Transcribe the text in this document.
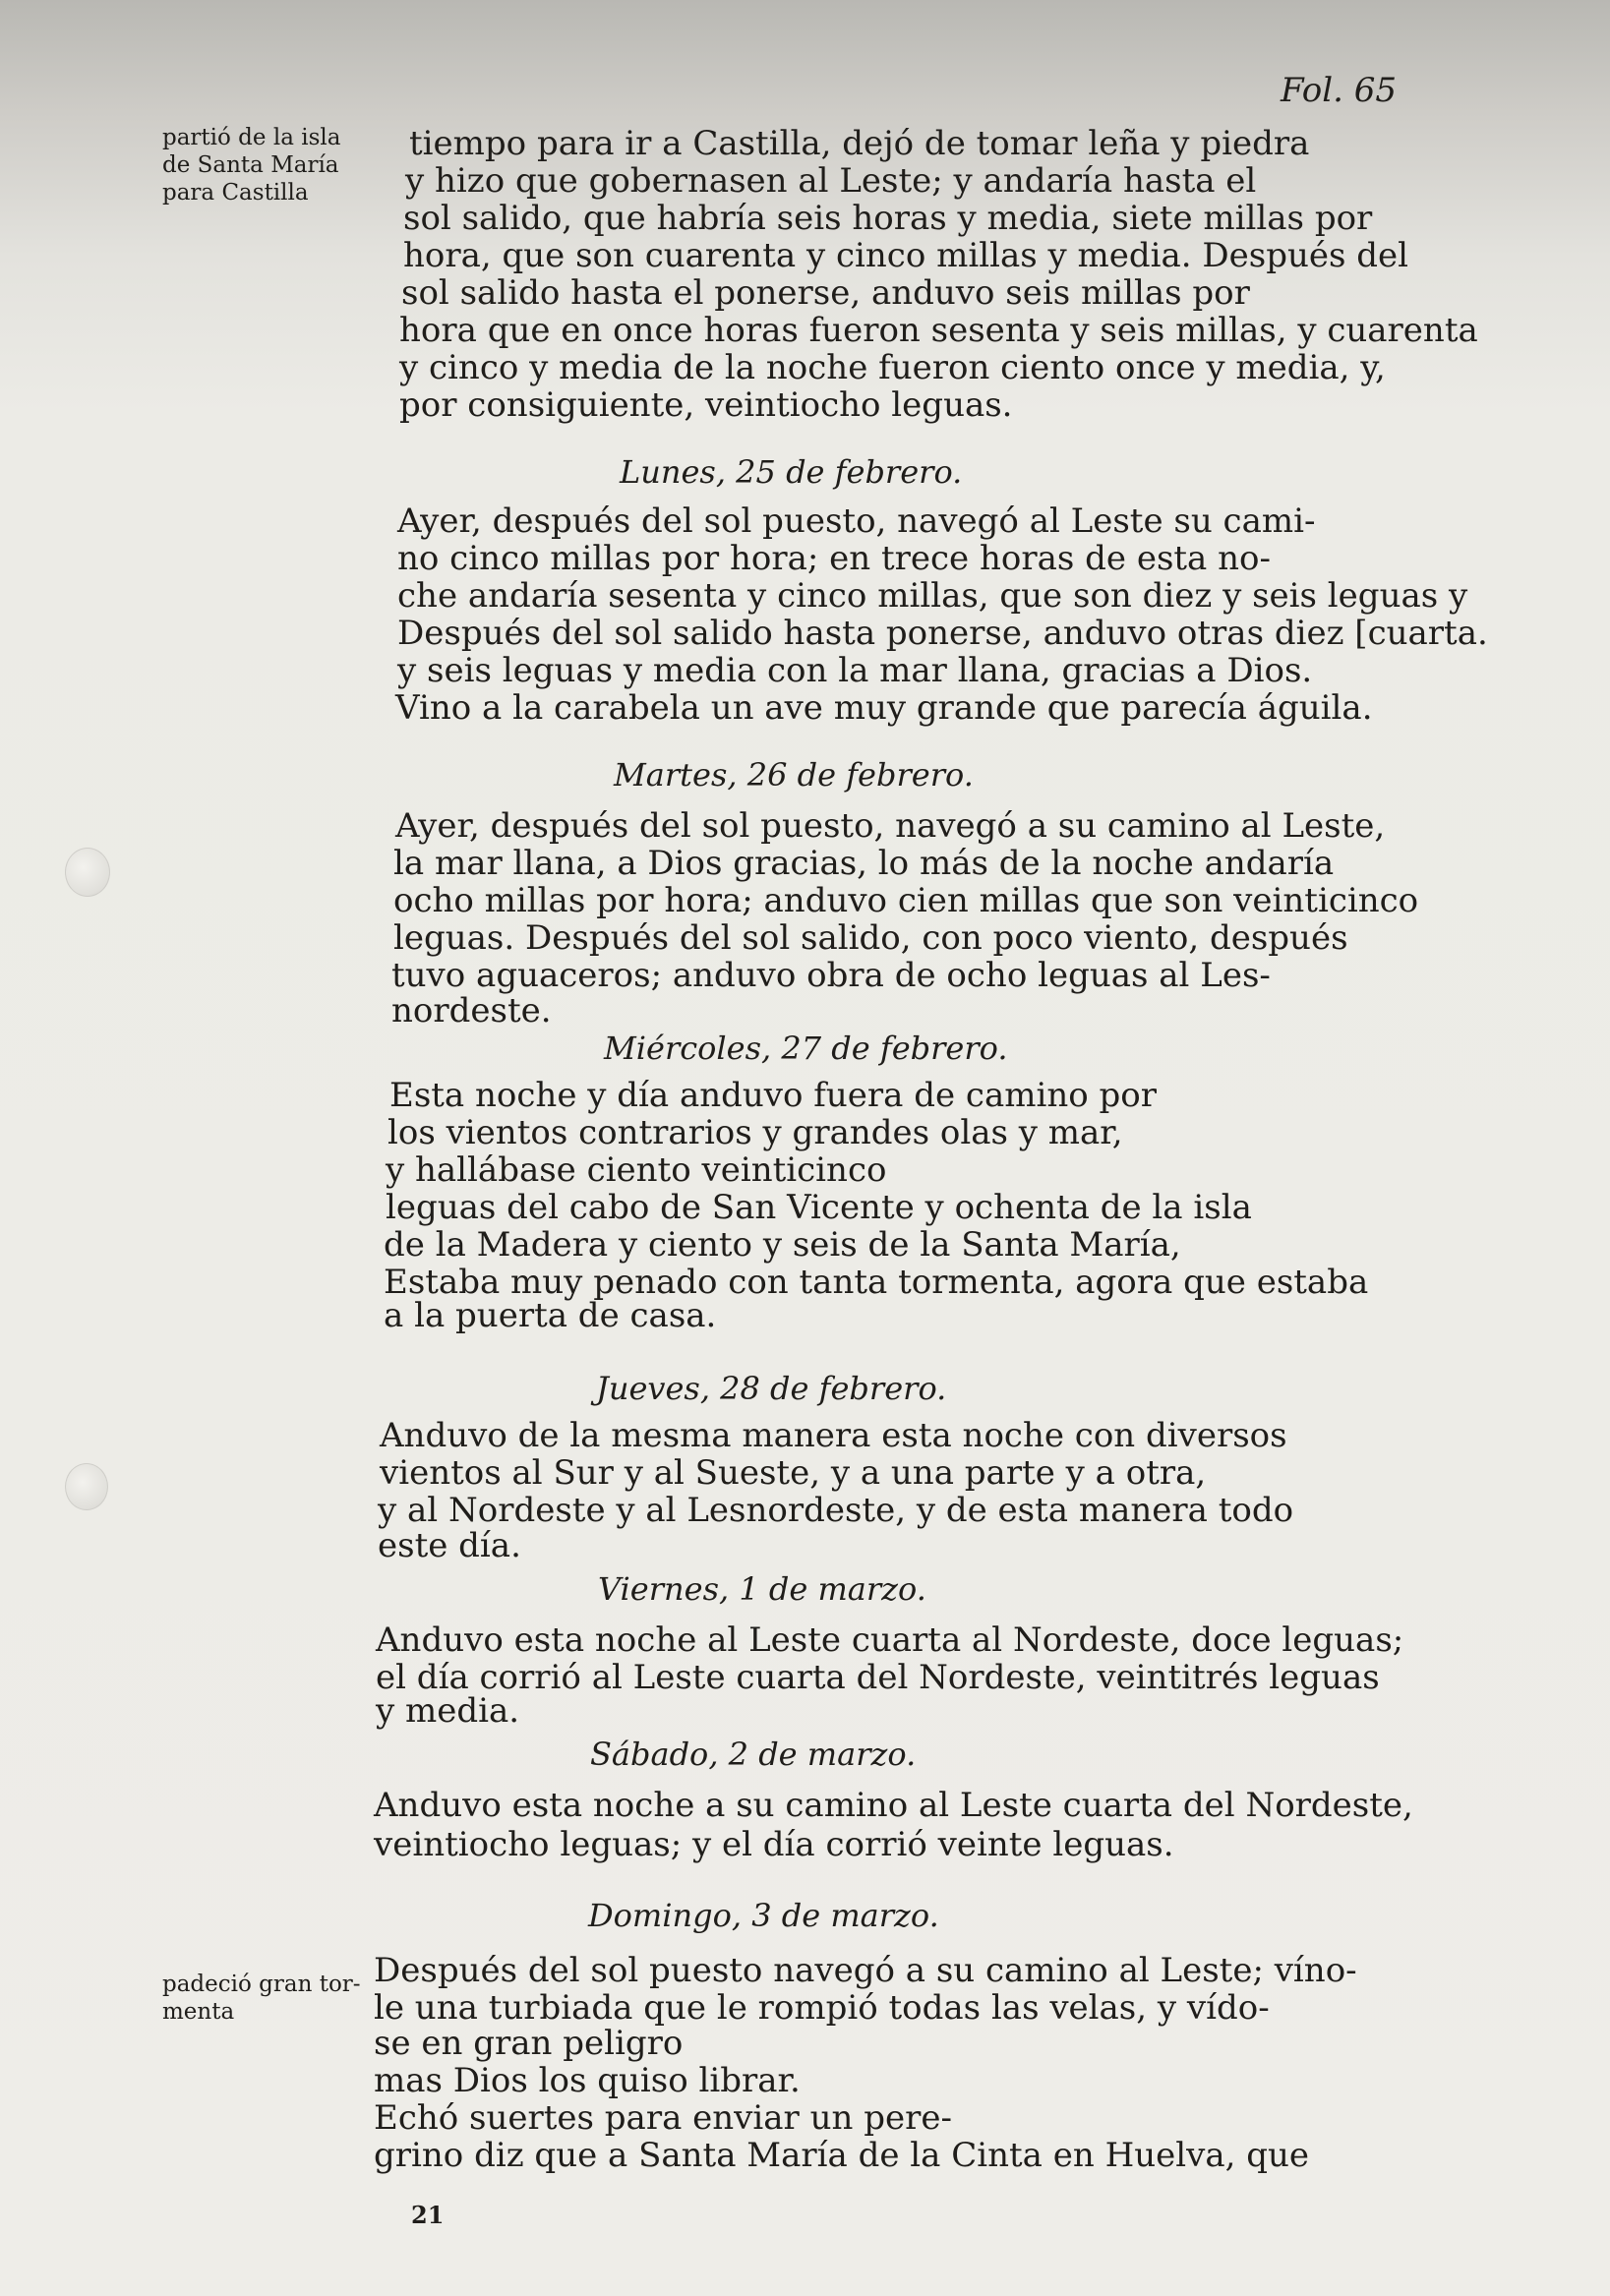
Fol. 65
partió de la isla
de Santa María
para Castilla
padeció gran tor-
menta
tiempo para ir a Castilla, dejó de tomar leña y piedra
y hizo que gobernasen al Leste; y andaría hasta el
sol salido, que habría seis horas y media, siete millas por
hora, que son cuarenta y cinco millas y media. Después del
sol salido hasta el ponerse, anduvo seis millas por
hora que en once horas fueron sesenta y seis millas, y cuarenta
y cinco y media de la noche fueron ciento once y media, y,
por consiguiente, veintiocho leguas.
Lunes, 25 de febrero.
Ayer, después del sol puesto, navegó al Leste su cami-
no cinco millas por hora; en trece horas de esta no-
che andaría sesenta y cinco millas, que son diez y seis leguas y
Después del sol salido hasta ponerse, anduvo otras diez [cuarta.
y seis leguas y media con la mar llana, gracias a Dios.
Vino a la carabela un ave muy grande que parecía águila.
Martes, 26 de febrero.
Ayer, después del sol puesto, navegó a su camino al Leste,
la mar llana, a Dios gracias, lo más de la noche andaría
ocho millas por hora; anduvo cien millas que son veinticinco
leguas. Después del sol salido, con poco viento, después
tuvo aguaceros; anduvo obra de ocho leguas al Les-
nordeste.
Miércoles, 27 de febrero.
Esta noche y día anduvo fuera de camino por
los vientos contrarios y grandes olas y mar,
y hallábase ciento veinticinco
leguas del cabo de San Vicente y ochenta de la isla
de la Madera y ciento y seis de la Santa María,
Estaba muy penado con tanta tormenta, agora que estaba
a la puerta de casa.
Jueves, 28 de febrero.
Anduvo de la mesma manera esta noche con diversos
vientos al Sur y al Sueste, y a una parte y a otra,
y al Nordeste y al Lesnordeste, y de esta manera todo
este día.
Viernes, 1 de marzo.
Anduvo esta noche al Leste cuarta al Nordeste, doce leguas;
el día corrió al Leste cuarta del Nordeste, veintitrés leguas
y media.
Sábado, 2 de marzo.
Anduvo esta noche a su camino al Leste cuarta del Nordeste,
veintiocho leguas; y el día corrió veinte leguas.
Domingo, 3 de marzo.
Después del sol puesto navegó a su camino al Leste; víno-
le una turbiada que le rompió todas las velas, y vído-
se en gran peligro
mas Dios los quiso librar.
Echó suertes para enviar un pere-
grino diz que a Santa María de la Cinta en Huelva, que
21
